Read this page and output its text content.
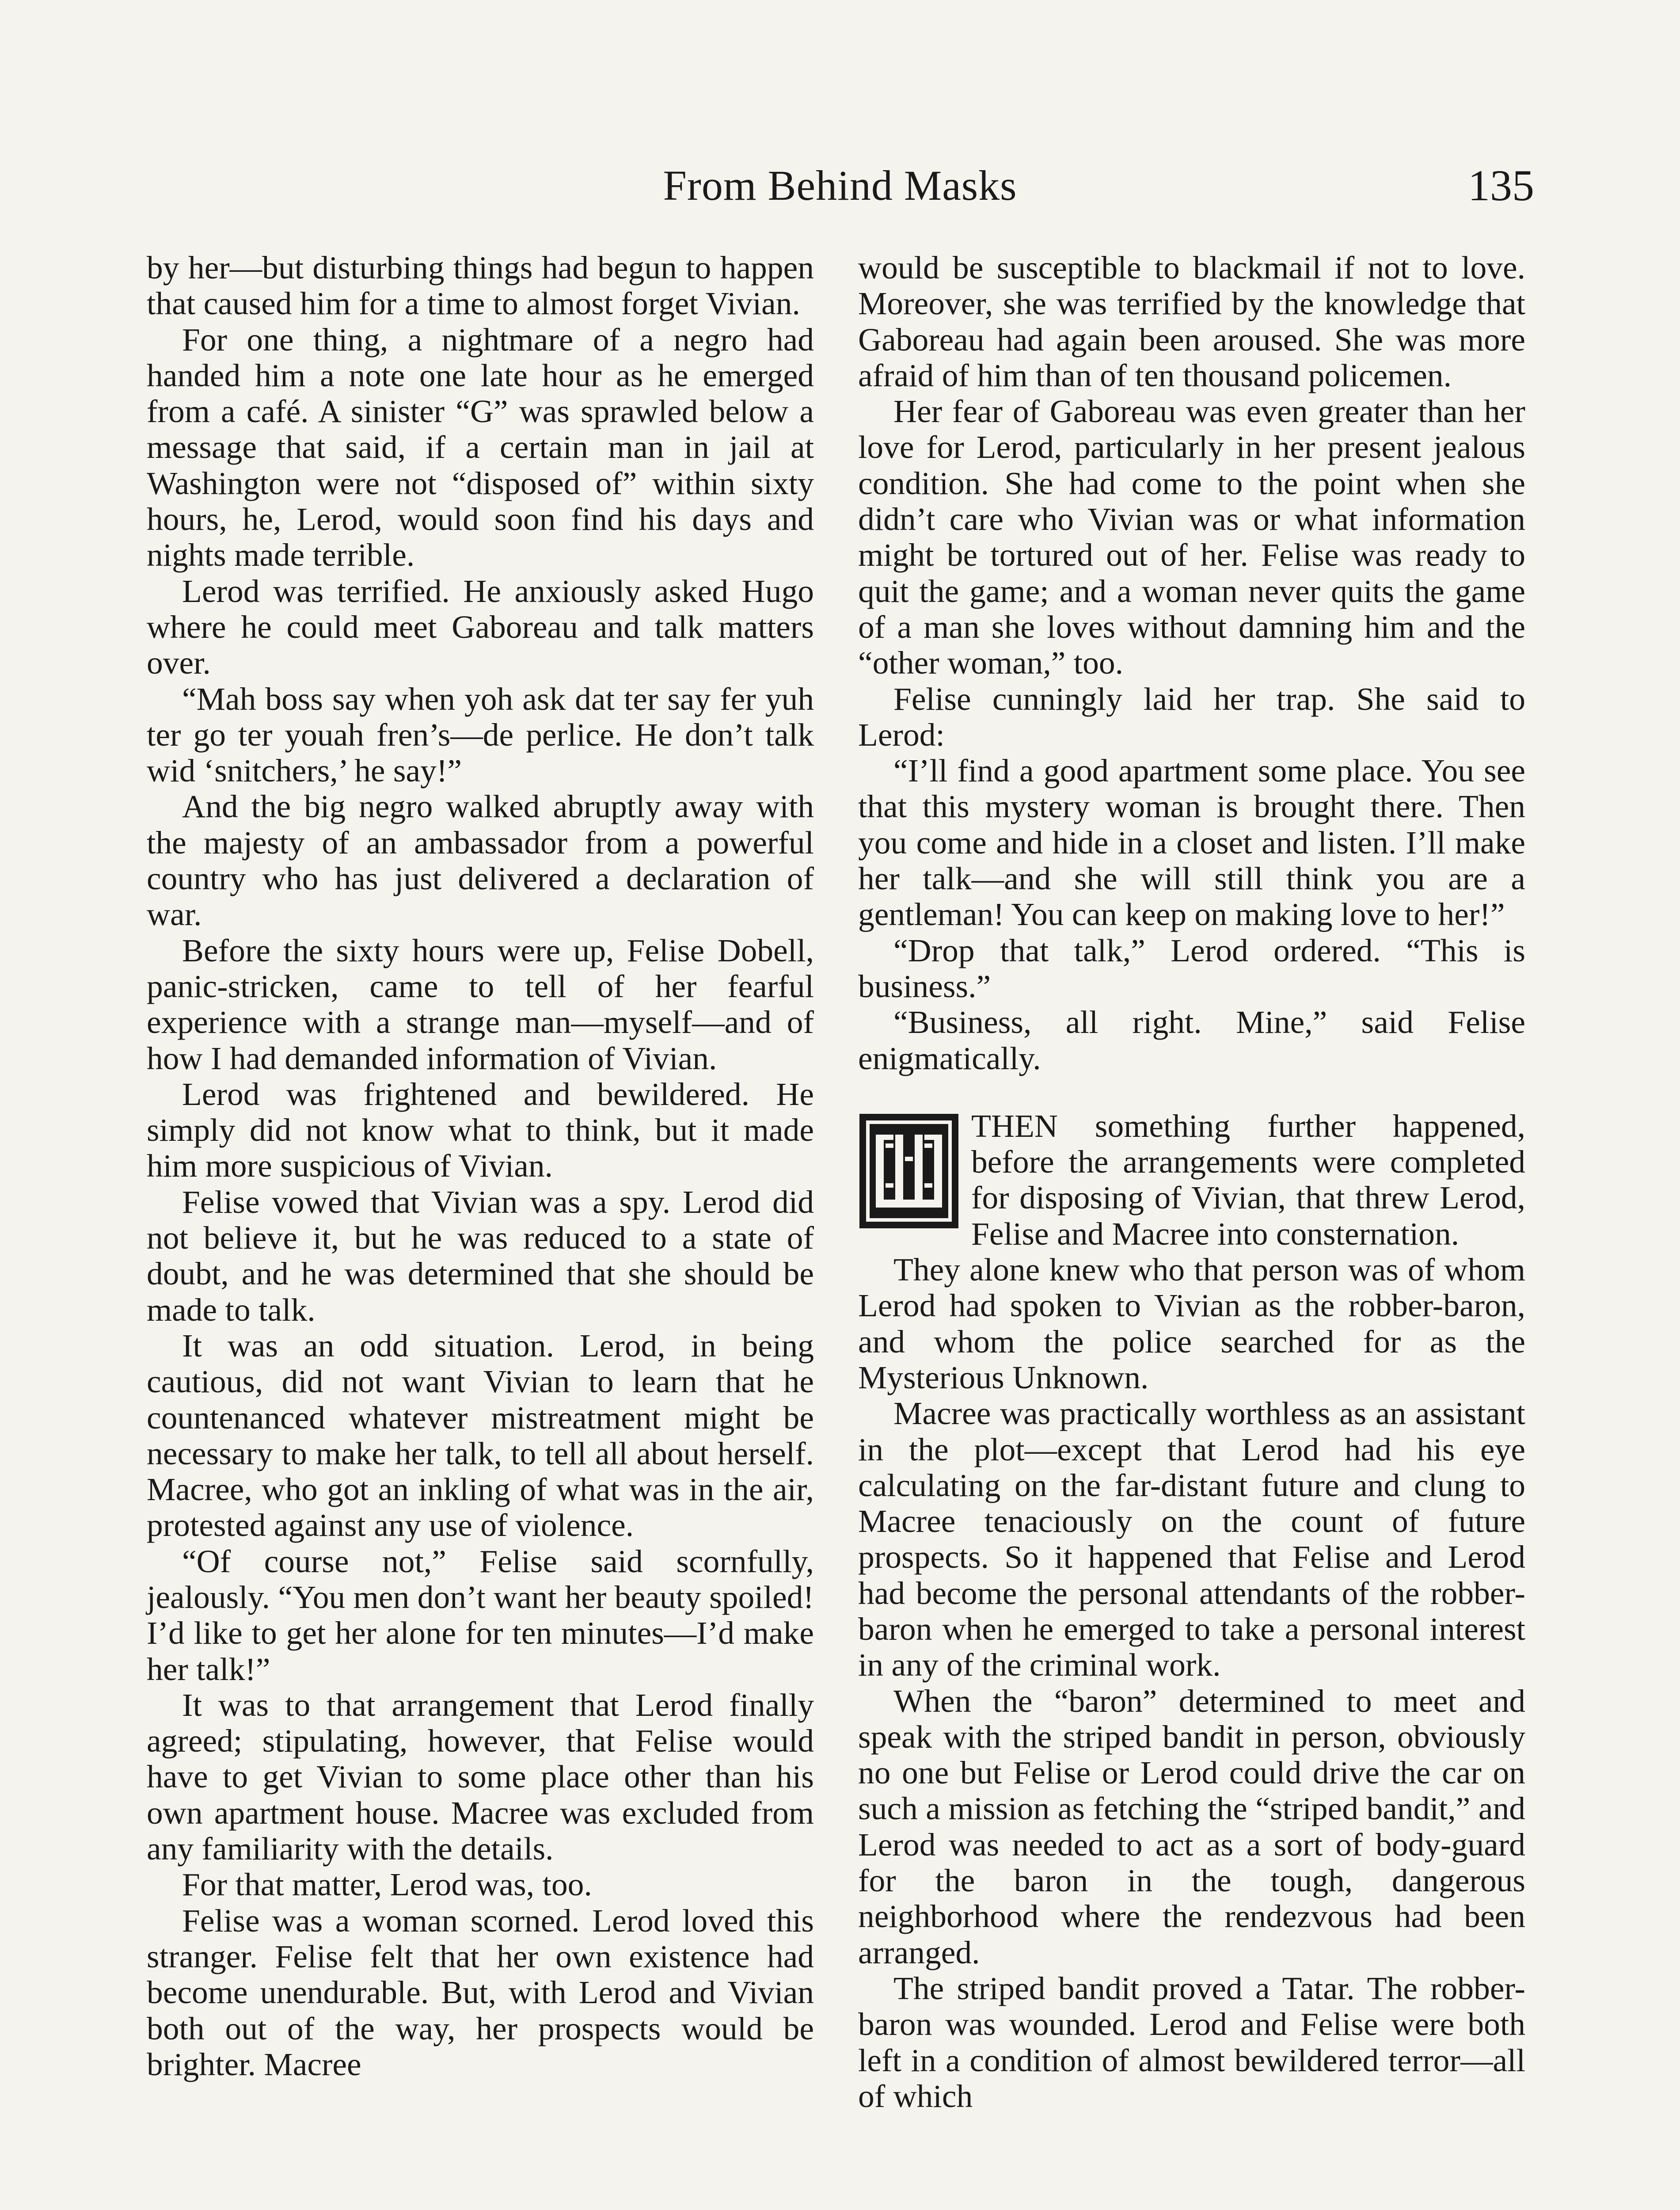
From Behind Masks	135

by her—but disturbing things had begun to happen that caused him for a time to almost forget Vivian.

For one thing, a nightmare of a negro had handed him a note one late hour as he emerged from a café. A sinister “G” was sprawled below a message that said, if a certain man in jail at Washington were not “disposed of” within sixty hours, he, Lerod, would soon find his days and nights made terrible.

Lerod was terrified. He anxiously asked Hugo where he could meet Gaboreau and talk matters over.

“Mah boss say when yoh ask dat ter say fer yuh ter go ter youah fren’s—de perlice. He don’t talk wid ‘snitchers,’ he say!”

And the big negro walked abruptly away with the majesty of an ambassador from a powerful country who has just delivered a declaration of war.

Before the sixty hours were up, Felise Dobell, panic-stricken, came to tell of her fearful experience with a strange man—myself—and of how I had demanded information of Vivian.

Lerod was frightened and bewildered. He simply did not know what to think, but it made him more suspicious of Vivian.

Felise vowed that Vivian was a spy. Lerod did not believe it, but he was reduced to a state of doubt, and he was determined that she should be made to talk.

It was an odd situation. Lerod, in being cautious, did not want Vivian to learn that he countenanced whatever mistreatment might be necessary to make her talk, to tell all about herself. Macree, who got an inkling of what was in the air, protested against any use of violence.

“Of course not,” Felise said scornfully, jealously. “You men don’t want her beauty spoiled! I’d like to get her alone for ten minutes—I’d make her talk!”

It was to that arrangement that Lerod finally agreed; stipulating, however, that Felise would have to get Vivian to some place other than his own apartment house. Macree was excluded from any familiarity with the details.

For that matter, Lerod was, too.

Felise was a woman scorned. Lerod loved this stranger. Felise felt that her own existence had become unendurable. But, with Lerod and Vivian both out of the way, her prospects would be brighter. Macree

would be susceptible to blackmail if not to love. Moreover, she was terrified by the knowledge that Gaboreau had again been aroused. She was more afraid of him than of ten thousand policemen.

Her fear of Gaboreau was even greater than her love for Lerod, particularly in her present jealous condition. She had come to the point when she didn’t care who Vivian was or what information might be tortured out of her. Felise was ready to quit the game; and a woman never quits the game of a man she loves without damning him and the “other woman,” too.

Felise cunningly laid her trap. She said to Lerod:

“I’ll find a good apartment some place. You see that this mystery woman is brought there. Then you come and hide in a closet and listen. I’ll make her talk—and she will still think you are a gentleman! You can keep on making love to her!”

“Drop that talk,” Lerod ordered. “This is business.”

“Business, all right. Mine,” said Felise enigmatically.

THEN something further happened, before the arrangements were completed for disposing of Vivian, that threw Lerod, Felise and Macree into consternation.

They alone knew who that person was of whom Lerod had spoken to Vivian as the robber-baron, and whom the police searched for as the Mysterious Unknown.

Macree was practically worthless as an assistant in the plot—except that Lerod had his eye calculating on the far-distant future and clung to Macree tenaciously on the count of future prospects. So it happened that Felise and Lerod had become the personal attendants of the robber-baron when he emerged to take a personal interest in any of the criminal work.

When the “baron” determined to meet and speak with the striped bandit in person, obviously no one but Felise or Lerod could drive the car on such a mission as fetching the “striped bandit,” and Lerod was needed to act as a sort of body-guard for the baron in the tough, dangerous neighborhood where the rendezvous had been arranged.

The striped bandit proved a Tatar. The robber-baron was wounded. Lerod and Felise were both left in a condition of almost bewildered terror—all of which
